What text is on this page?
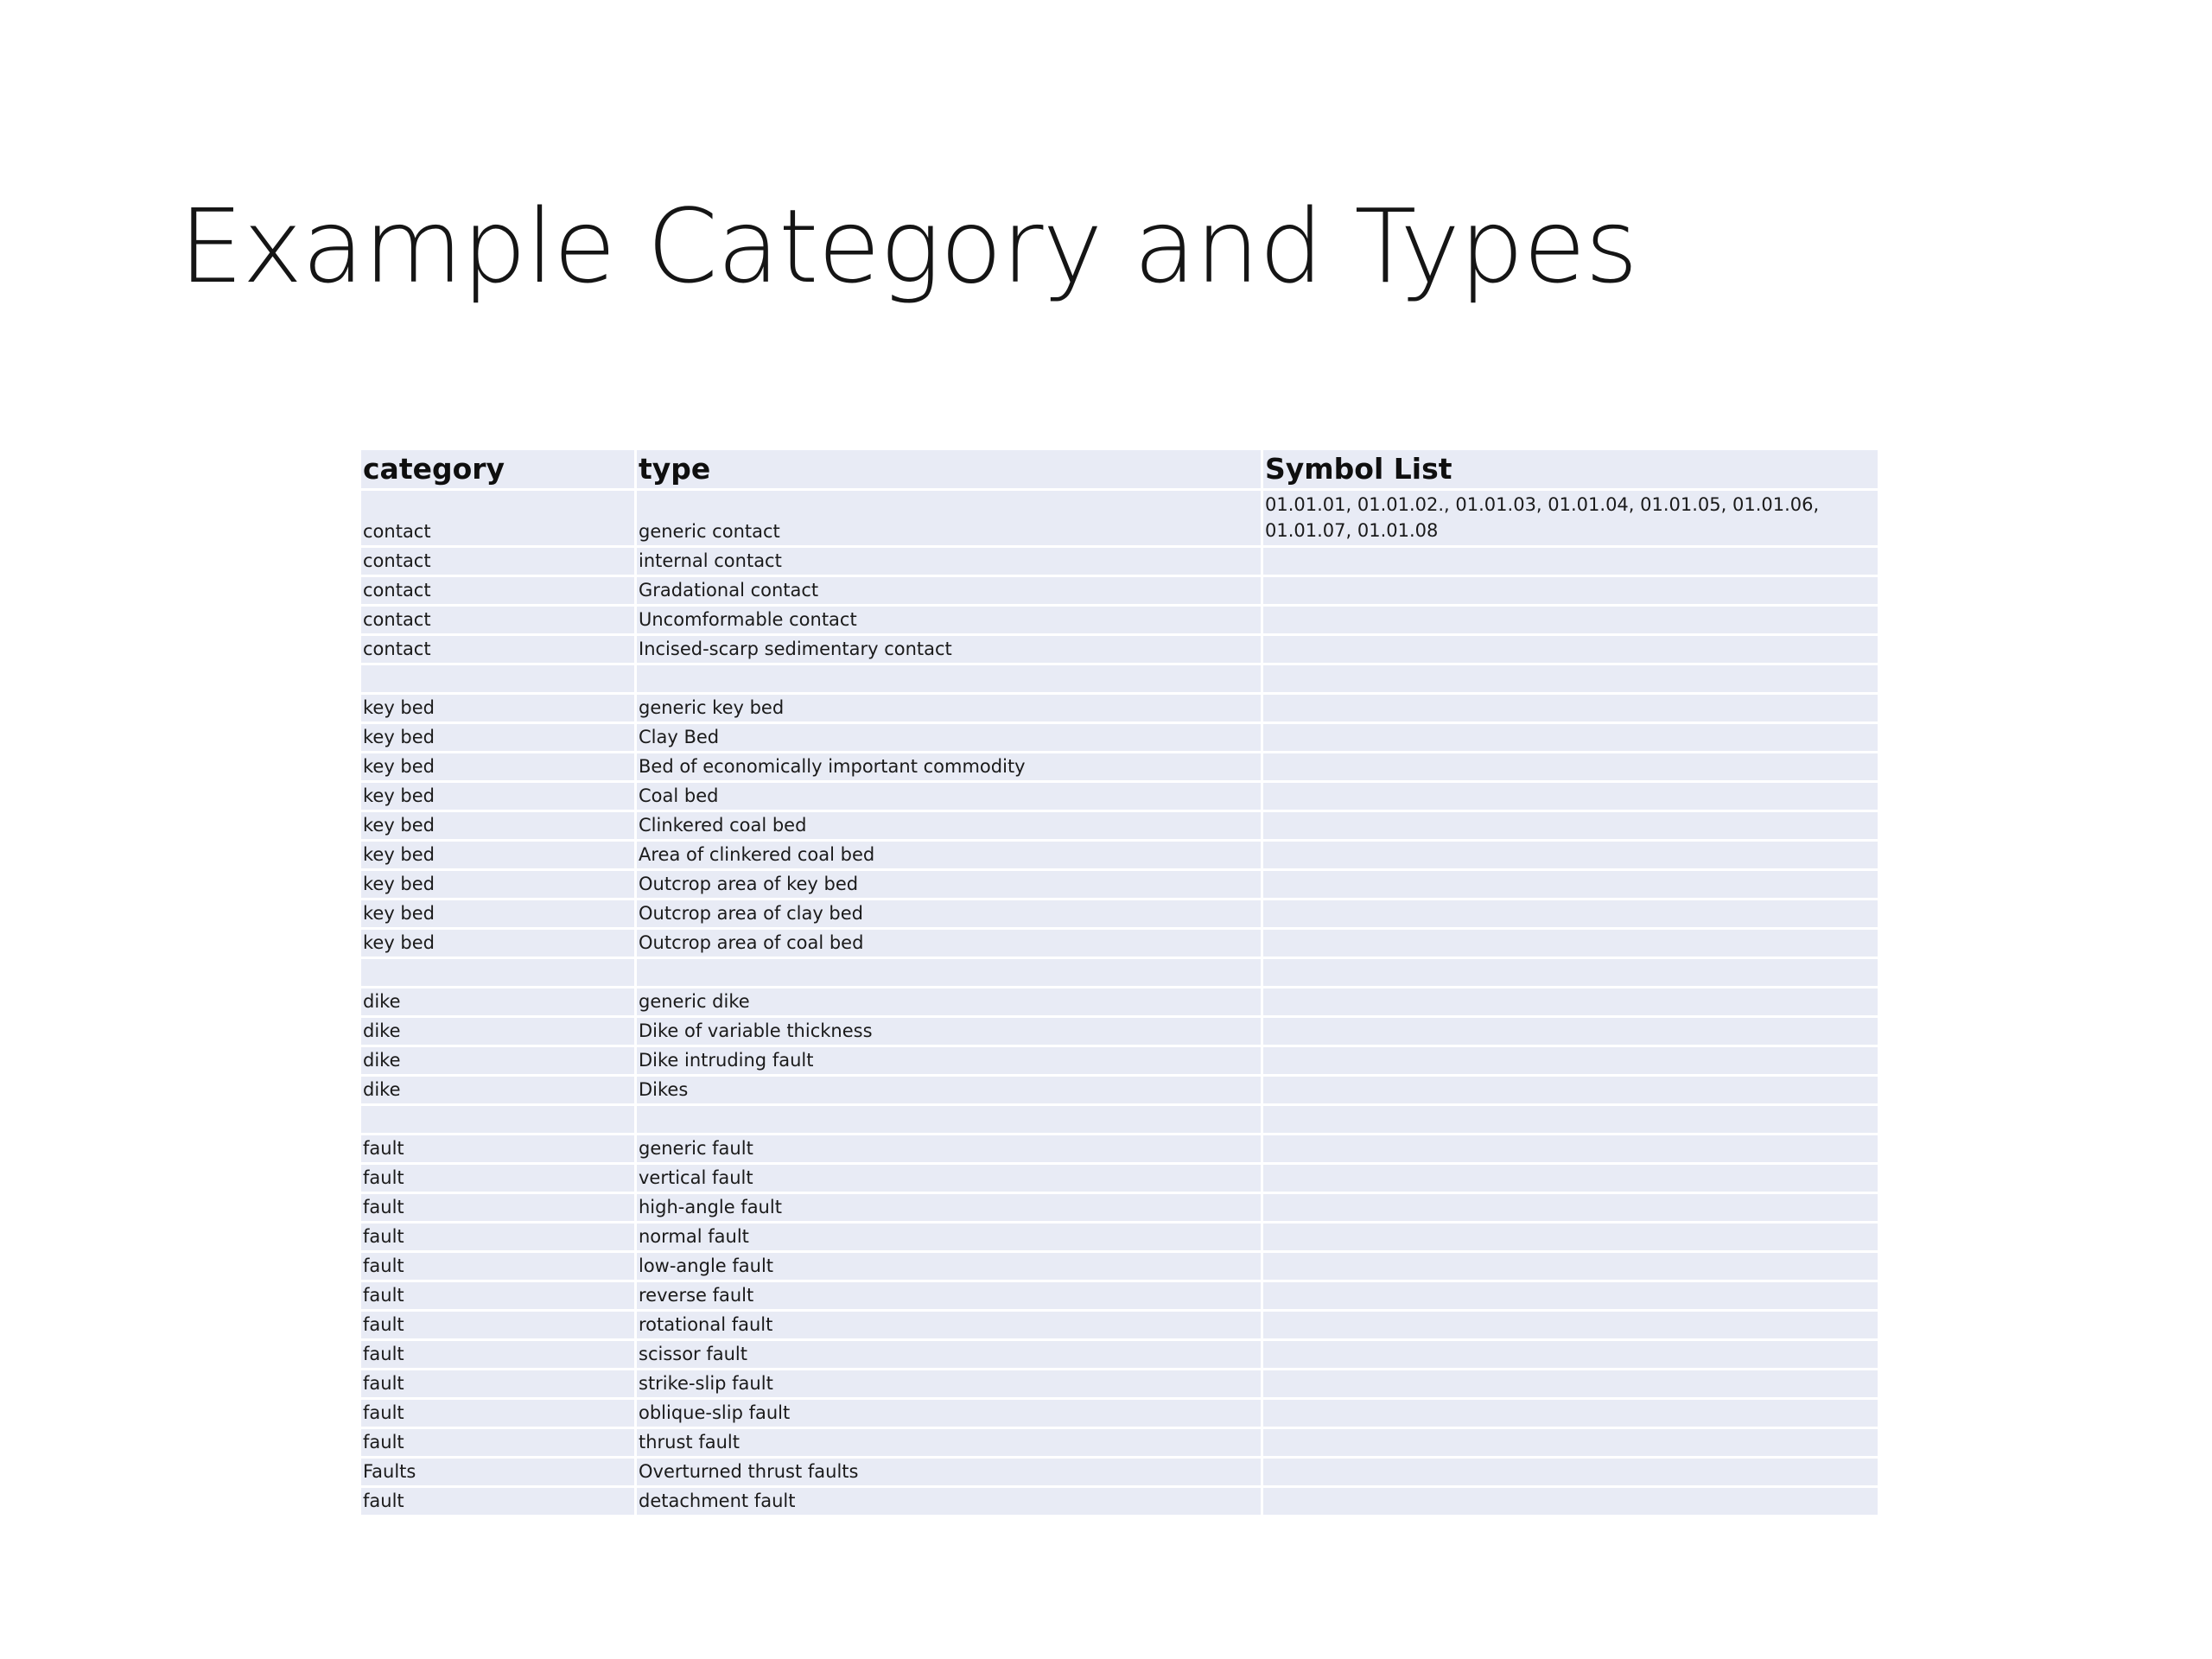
Example Category and Types
category	type	Symbol List
contact	generic contact	01.01.01, 01.01.02., 01.01.03, 01.01.04, 01.01.05, 01.01.06, 01.01.07, 01.01.08
contact	internal contact	
contact	Gradational contact	
contact	Uncomformable contact	
contact	Incised-scarp sedimentary contact	

key bed	generic key bed	
key bed	Clay Bed	
key bed	Bed of economically important commodity	
key bed	Coal bed	
key bed	Clinkered coal bed	
key bed	Area of clinkered coal bed	
key bed	Outcrop area of key bed	
key bed	Outcrop area of clay bed	
key bed	Outcrop area of coal bed	

dike	generic dike	
dike	Dike of variable thickness	
dike	Dike intruding fault	
dike	Dikes	

fault	generic fault	
fault	vertical fault	
fault	high-angle fault	
fault	normal fault	
fault	low-angle fault	
fault	reverse fault	
fault	rotational fault	
fault	scissor fault	
fault	strike-slip fault	
fault	oblique-slip fault	
fault	thrust fault	
Faults	Overturned thrust faults	
fault	detachment fault	
